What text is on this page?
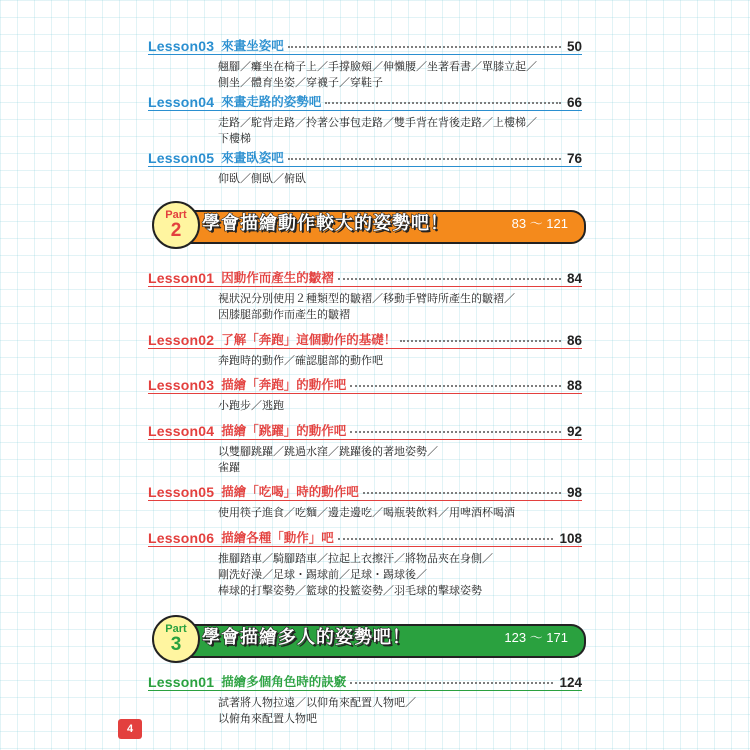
Lesson03 來畫坐姿吧	50
翹腳／癱坐在椅子上／手撐臉頰／伸懶腰／坐著看書／單膝立起／
側坐／體育坐姿／穿襪子／穿鞋子
Lesson04 來畫走路的姿勢吧	66
走路／駝背走路／拎著公事包走路／雙手背在背後走路／上樓梯／
下樓梯
Lesson05 來畫臥姿吧	76
仰臥／側臥／俯臥
Part
2 學會描繪動作較大的姿勢吧！	83 ～ 121
Lesson01 因動作而產生的皺褶	84
視狀況分別使用２種類型的皺褶／移動手臂時所產生的皺褶／
因膝腿部動作而產生的皺褶
Lesson02 了解「奔跑」這個動作的基礎！	86
奔跑時的動作／確認腿部的動作吧
Lesson03 描繪「奔跑」的動作吧	88
小跑步／逃跑
Lesson04 描繪「跳躍」的動作吧	92
以雙腳跳躍／跳過水窪／跳躍後的著地姿勢／
雀躍
Lesson05 描繪「吃喝」時的動作吧	98
使用筷子進食／吃麵／邊走邊吃／喝瓶裝飲料／用啤酒杯喝酒
Lesson06 描繪各種「動作」吧	108
推腳踏車／騎腳踏車／拉起上衣擦汗／將物品夾在身側／
剛洗好澡／足球・踢球前／足球・踢球後／
棒球的打擊姿勢／籃球的投籃姿勢／羽毛球的擊球姿勢
Part
3 學會描繪多人的姿勢吧！	123 ～ 171
Lesson01 描繪多個角色時的訣竅	124
試著將人物拉遠／以仰角來配置人物吧／
以俯角來配置人物吧
4
